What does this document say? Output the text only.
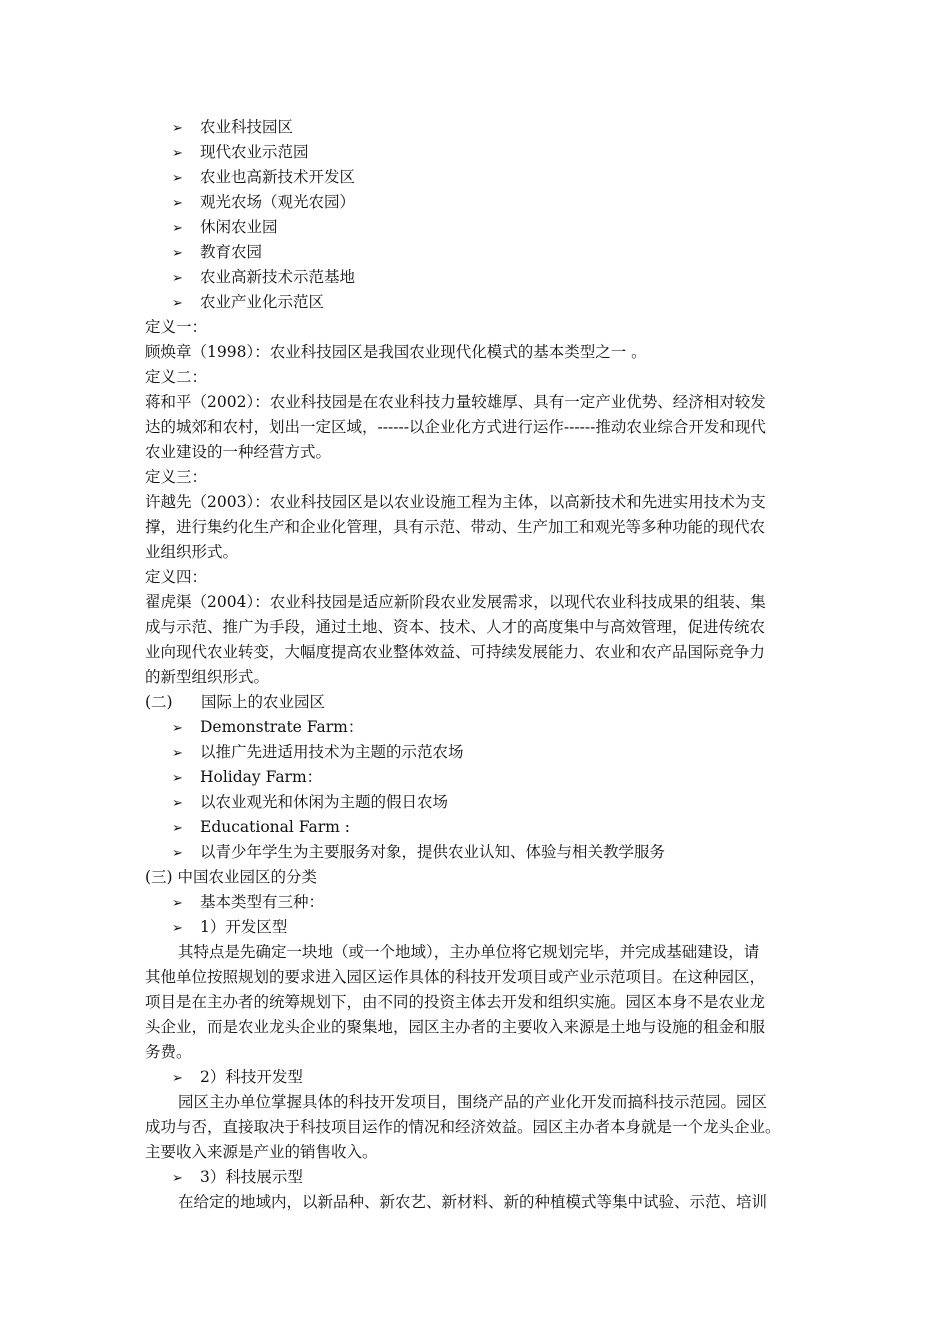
➢ 农业科技园区
➢ 现代农业示范园
➢ 农业也高新技术开发区
➢ 观光农场（观光农园）
➢ 休闲农业园
➢ 教育农园
➢ 农业高新技术示范基地
➢ 农业产业化示范区
定义一：
顾焕章（1998）：农业科技园区是我国农业现代化模式的基本类型之一 。
定义二：
蒋和平（2002）：农业科技园是在农业科技力量较雄厚、具有一定产业优势、经济相对较发
达的城郊和农村，划出一定区域，------以企业化方式进行运作------推动农业综合开发和现代
农业建设的一种经营方式。
定义三：
许越先（2003）：农业科技园区是以农业设施工程为主体，以高新技术和先进实用技术为支
撑，进行集约化生产和企业化管理，具有示范、带动、生产加工和观光等多种功能的现代农
业组织形式。
定义四：
翟虎渠（2004）：农业科技园是适应新阶段农业发展需求，以现代农业科技成果的组装、集
成与示范、推广为手段，通过土地、资本、技术、人才的高度集中与高效管理，促进传统农
业向现代农业转变，大幅度提高农业整体效益、可持续发展能力、农业和农产品国际竞争力
的新型组织形式。
(二) 国际上的农业园区
➢ Demonstrate Farm：
➢ 以推广先进适用技术为主题的示范农场
➢ Holiday Farm：
➢ 以农业观光和休闲为主题的假日农场
➢ Educational Farm :
➢ 以青少年学生为主要服务对象，提供农业认知、体验与相关教学服务
(三) 中国农业园区的分类
➢ 基本类型有三种：
➢ 1）开发区型
其特点是先确定一块地（或一个地域），主办单位将它规划完毕，并完成基础建设，请
其他单位按照规划的要求进入园区运作具体的科技开发项目或产业示范项目。在这种园区，
项目是在主办者的统筹规划下，由不同的投资主体去开发和组织实施。园区本身不是农业龙
头企业，而是农业龙头企业的聚集地，园区主办者的主要收入来源是土地与设施的租金和服
务费。
➢ 2）科技开发型
园区主办单位掌握具体的科技开发项目，围绕产品的产业化开发而搞科技示范园。园区
成功与否，直接取决于科技项目运作的情况和经济效益。园区主办者本身就是一个龙头企业。
主要收入来源是产业的销售收入。
➢ 3）科技展示型
在给定的地域内，以新品种、新农艺、新材料、新的种植模式等集中试验、示范、培训
